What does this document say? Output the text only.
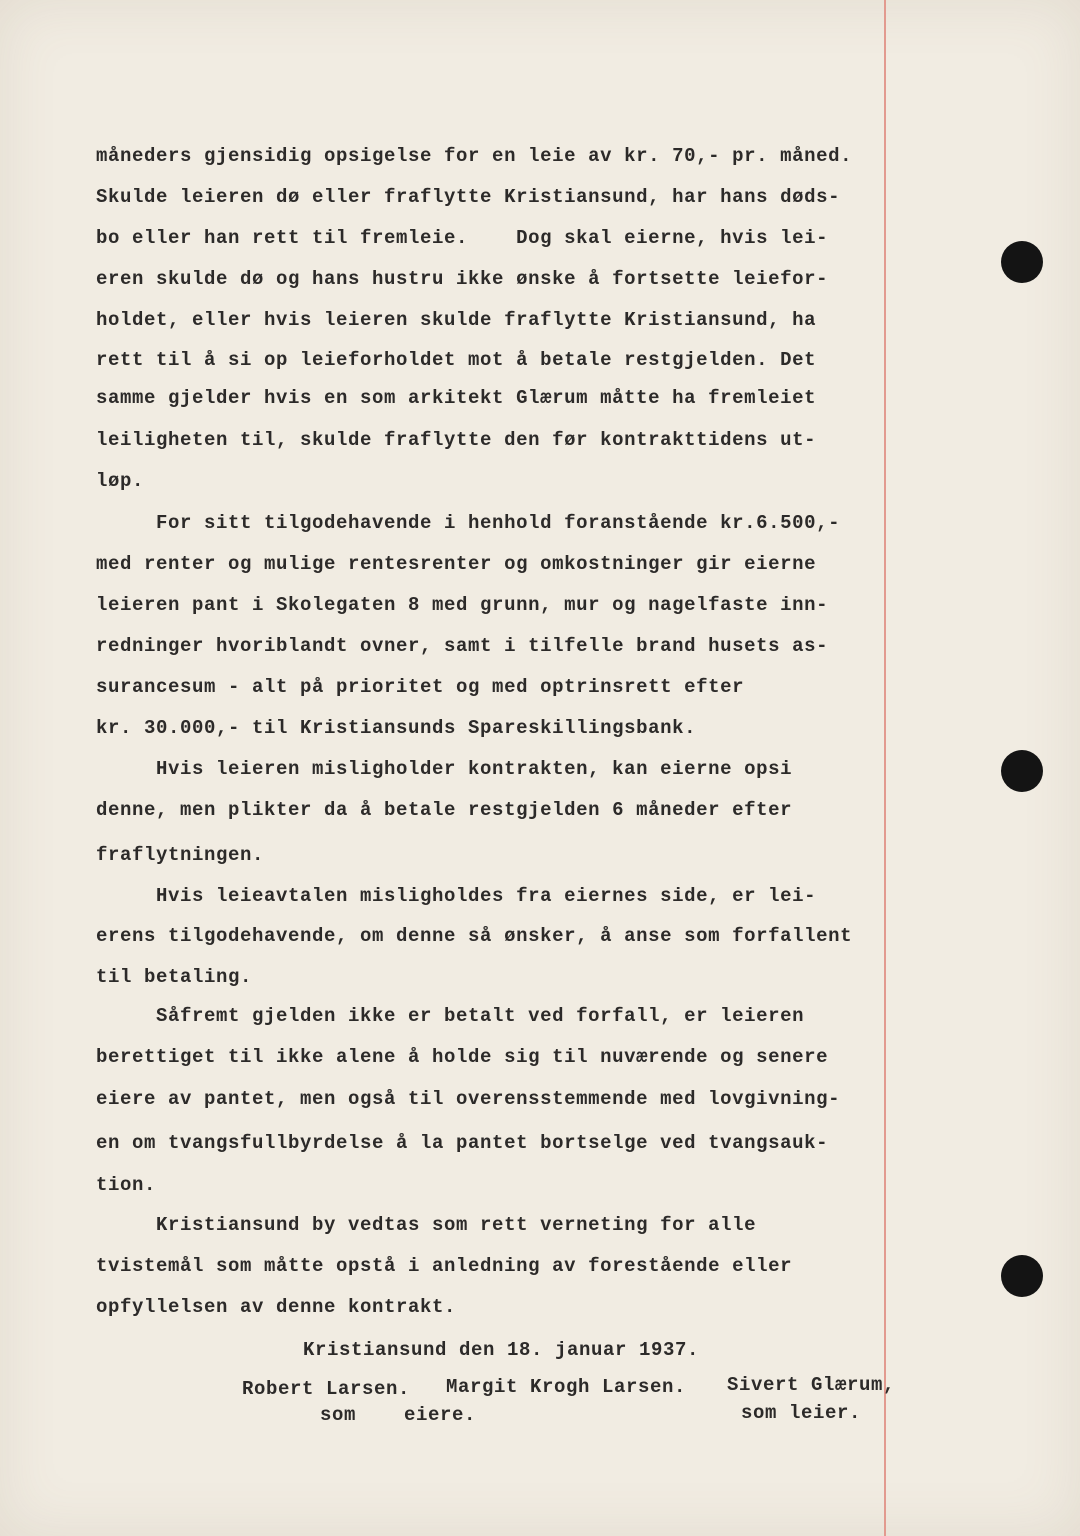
måneders gjensidig opsigelse for en leie av kr. 70,- pr. måned.
Skulde leieren dø eller fraflytte Kristiansund, har hans døds-
bo eller han rett til fremleie.    Dog skal eierne, hvis lei-
eren skulde dø og hans hustru ikke ønske å fortsette leiefor-
holdet, eller hvis leieren skulde fraflytte Kristiansund, ha
rett til å si op leieforholdet mot å betale restgjelden. Det
samme gjelder hvis en som arkitekt Glærum måtte ha fremleiet
leiligheten til, skulde fraflytte den før kontrakttidens ut-
løp.
For sitt tilgodehavende i henhold foranstående kr.6.500,-
med renter og mulige rentesrenter og omkostninger gir eierne
leieren pant i Skolegaten 8 med grunn, mur og nagelfaste inn-
redninger hvoriblandt ovner, samt i tilfelle brand husets as-
surancesum - alt på prioritet og med optrinsrett efter
kr. 30.000,- til Kristiansunds Spareskillingsbank.
Hvis leieren misligholder kontrakten, kan eierne opsi
denne, men plikter da å betale restgjelden 6 måneder efter
fraflytningen.
Hvis leieavtalen misligholdes fra eiernes side, er lei-
erens tilgodehavende, om denne så ønsker, å anse som forfallent
til betaling.
Såfremt gjelden ikke er betalt ved forfall, er leieren
berettiget til ikke alene å holde sig til nuværende og senere
eiere av pantet, men også til overensstemmende med lovgivning-
en om tvangsfullbyrdelse å la pantet bortselge ved tvangsauk-
tion.
Kristiansund by vedtas som rett verneting for alle
tvistemål som måtte opstå i anledning av forestående eller
opfyllelsen av denne kontrakt.
Kristiansund den 18. januar 1937.
Robert Larsen. Margit Krogh Larsen. Sivert Glærum,
som    eiere.	som leier.
